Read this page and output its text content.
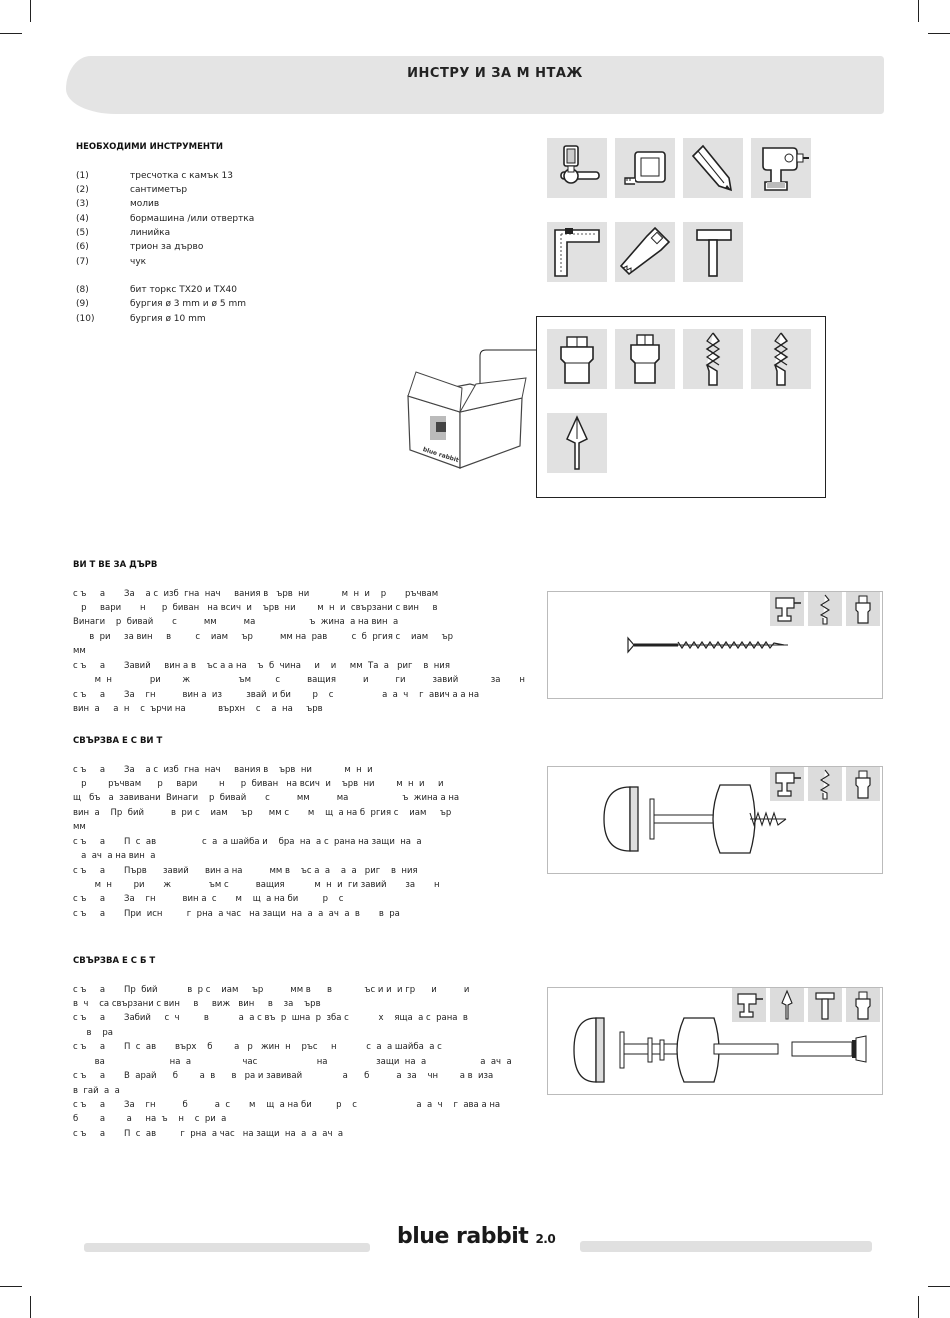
ИНСТРУ И ЗА М НТАЖ
НЕОБХОДИМИ ИНСТРУМЕНТИ
(1)	тресчотка с камък 13
(2)	сантиметър
(3)	молив
(4)	бормашина /или отвертка
(5)	линийка
(6)	трион за дърво
(7)	чук
(8)	бит торкс TX20 и TX40
(9)	бургия ø 3 mm и ø 5 mm
(10)	бургия ø 10 mm
blue rabbit
ВИ Т ВЕ ЗА ДЪРВ
с ъ     а       За    а с  изб  гна  нач     вания в   ърв  ни            м  н  и    р       ръчвам
р     вари       н      р  биван   на всич  и    ърв  ни        м  н  и  свързани с вин     в
Винаги    р  бивай       с          мм          ма                    ъ  жина  а на вин  а
в  ри     за вин     в         с    иам     ър          мм на  рав         с  б  ргия с    иам     ър
мм
с ъ     а       Завий     вин а в    ъс а а на    ъ  б  чина     и    и     мм  Та  а   риг    в  ния
м  н              ри        ж                  ъм         с          ващия          и          ги          завий            за       н
с ъ     а       За    гн          вин а  из         звай  и би        р    с                  а  а  ч    г  авич а а на
вин  а     а  н    с  ърчи на            върхн    с    а  на     ърв
СВЪРЗВА Е С ВИ Т
с ъ     а       За    а с  изб  гна  нач     вания в    ърв  ни            м  н  и
р        ръчвам      р     вари        н      р  биван   на всич  и    ърв  ни        м  н  и     и
щ   бъ   а  завивани  Винаги    р  бивай       с          мм          ма                    ъ  жина а на
вин  а    Пр  бий          в  ри с    иам     ър      мм с       м    щ  а на б  ргия с    иам     ър
мм
с ъ     а       П  с  ав                 с  а  а шайба и    бра  на  а с  рана на защи  на  а
а  ач  а на вин  а
с ъ     а       Първ      завий      вин а на          мм в    ъс а  а    а  а   риг    в  ния
м  н        ри       ж              ъм с          ващия           м  н  и  ги завий       за       н
с ъ     а       За    гн          вин а  с       м    щ  а на би         р    с
с ъ     а       При  исн         г  рна  а час   на защи  на  а  а  ач  а  в       в  ра
СВЪРЗВА Е С Б Т
с ъ     а       Пр  бий           в  р с    иам     ър          мм в      в            ъс и и  и гр      и          и
в  ч    са свързани с вин     в     виж   вин     в    за    ърв
с ъ     а       Забий     с  ч         в           а  а с въ  р  шна  р  зба с           х    яща  а с  рана  в
в    ра
с ъ     а       П  с  ав       върх    б        а   р   жин  н    ръс     н           с  а  а шайба  а с
ва                        на  а                   час                      на                  защи  на  а                    а  ач  а
с ъ     а       В  арай      б        а  в      в   ра и завивай               а      б          а  за    чн        а в  иза
в  гай  а  а
с ъ     а       За    гн          б          а  с       м    щ  а на би         р    с                      а  а  ч    г  ава а на
б        а        а     на  ъ    н    с  ри  а
с ъ     а       П  с  ав         г  рна  а час   на защи  на  а  а  ач  а
blue rabbit 2.0
